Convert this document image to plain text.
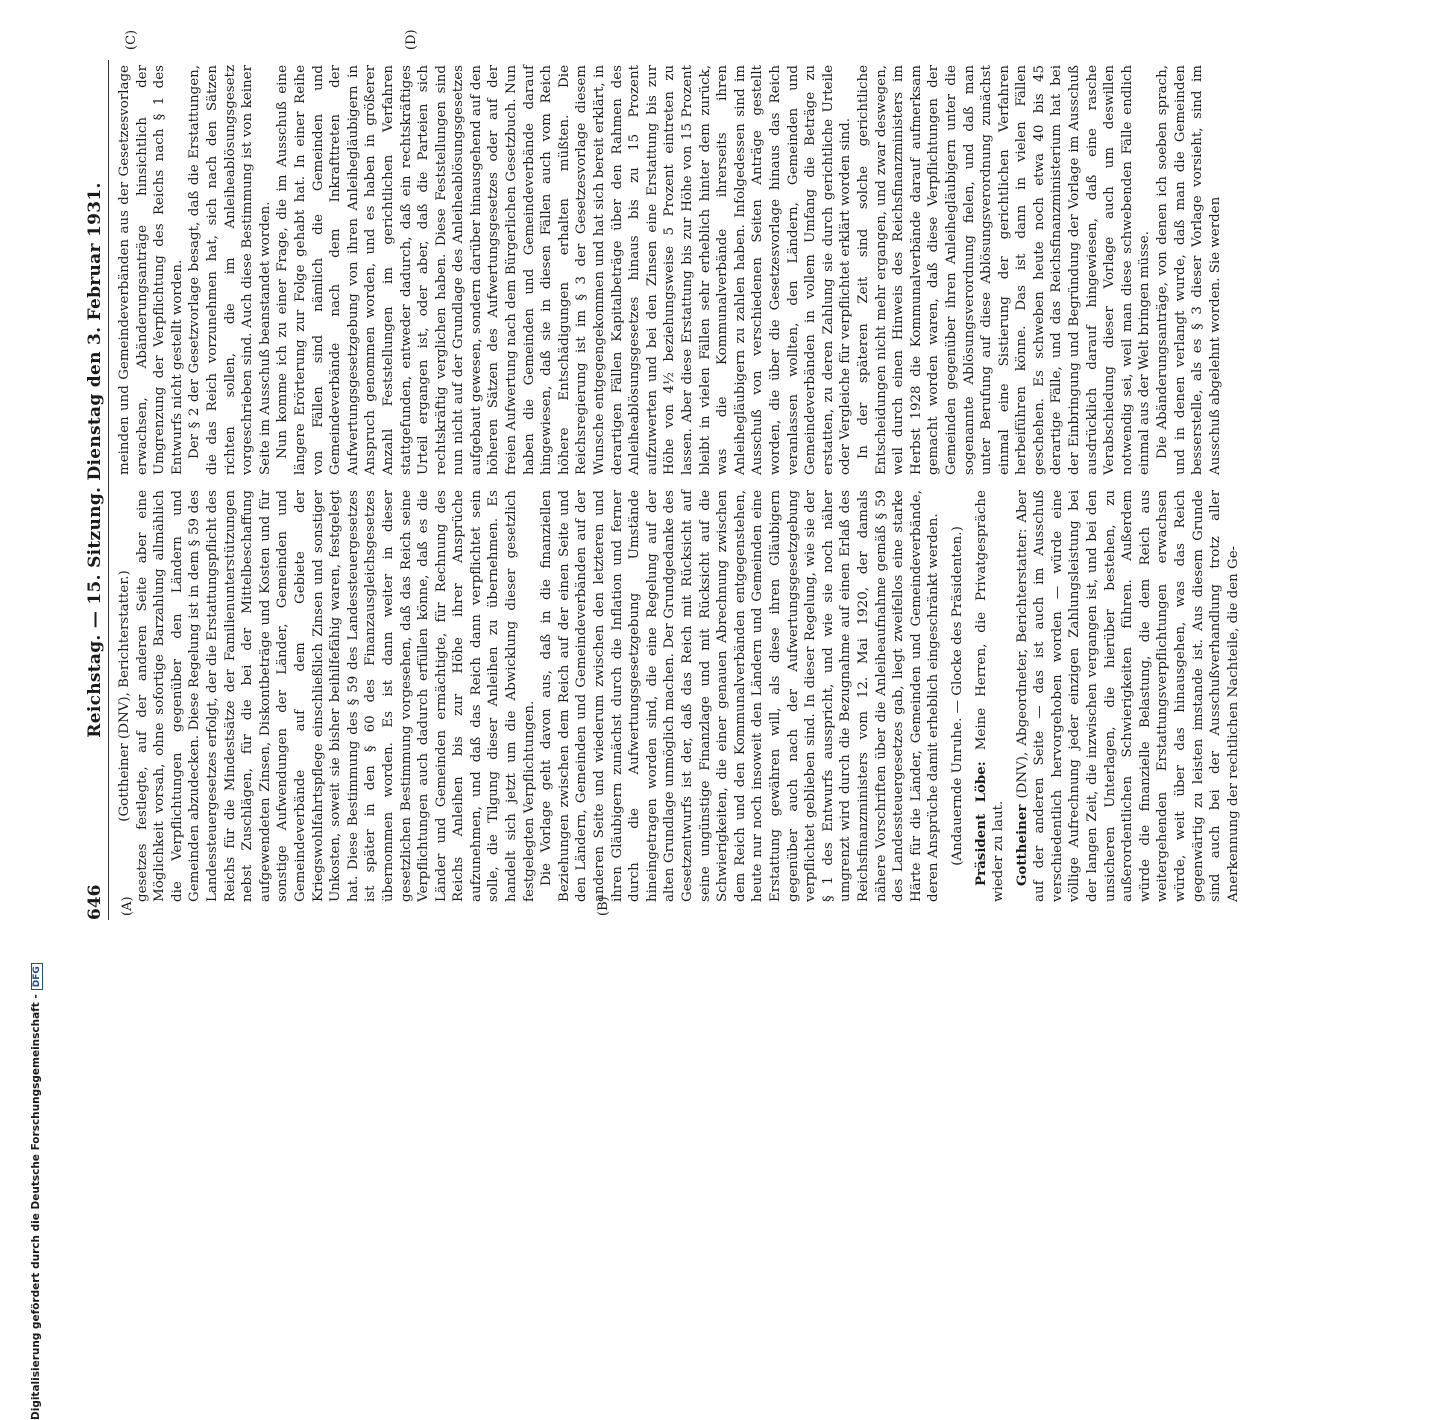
646
Reichstag. — 15. Sitzung. Dienstag den 3. Februar 1931.
(A)	(B)
(C)	(D)

(Gottheiner (DNV), Berichterstatter.) gesetzes festlegte, auf der anderen Seite aber eine Möglichkeit vorsah, ohne sofortige Barzahlung allmählich die Verpflichtungen gegenüber den Ländern und Gemeinden abzudecken. Diese Regelung ist in dem § 59 des Landessteuergesetzes erfolgt, der die Erstattungspflicht des Reichs für die Mindestsätze der Familienunterstützungen nebst Zuschlägen, für die bei der Mittelbeschaffung aufgewendeten Zinsen, Diskontbeträge und Kosten und für sonstige Aufwendungen der Länder, Gemeinden und Gemeindeverbände auf dem Gebiete der Kriegswohlfahrtspflege einschließlich Zinsen und sonstiger Unkosten, soweit sie bisher beihilfefähig waren, festgelegt hat. Diese Bestimmung des § 59 des Landessteuergesetzes ist später in den § 60 des Finanzausgleichsgesetzes übernommen worden. Es ist dann weiter in dieser gesetzlichen Bestimmung vorgesehen, daß das Reich seine Verpflichtungen auch dadurch erfüllen könne, daß es die Länder und Gemeinden ermächtigte, für Rechnung des Reichs Anleihen bis zur Höhe ihrer Ansprüche aufzunehmen, und daß das Reich dann verpflichtet sein solle, die Tilgung dieser Anleihen zu übernehmen. Es handelt sich jetzt um die Abwicklung dieser gesetzlich festgelegten Verpflichtungen. Die Vorlage geht davon aus, daß in die finanziellen Beziehungen zwischen dem Reich auf der einen Seite und den Ländern, Gemeinden und Gemeindeverbänden auf der anderen Seite und wiederum zwischen den letzteren und ihren Gläubigern zunächst durch die Inflation und ferner durch die Aufwertungsgesetzgebung Umstände hineingetragen worden sind, die eine Regelung auf der alten Grundlage unmöglich machen. Der Grundgedanke des Gesetzentwurfs ist der, daß das Reich mit Rücksicht auf seine ungünstige Finanzlage und mit Rücksicht auf die Schwierigkeiten, die einer genauen Abrechnung zwischen dem Reich und den Kommunalverbänden entgegenstehen, heute nur noch insoweit den Ländern und Gemeinden eine Erstattung gewähren will, als diese ihren Gläubigern gegenüber auch nach der Aufwertungsgesetzgebung verpflichtet geblieben sind. In dieser Regelung, wie sie der § 1 des Entwurfs ausspricht, und wie sie noch näher umgrenzt wird durch die Bezugnahme auf einen Erlaß des Reichsfinanzministers vom 12. Mai 1920, der damals nähere Vorschriften über die Anleiheaufnahme gemäß § 59 des Landessteuergesetzes gab, liegt zweifellos eine starke Härte für die Länder, Gemeinden und Gemeindeverbände, deren Ansprüche damit erheblich eingeschränkt werden. (Andauernde Unruhe. — Glocke des Präsidenten.) Präsident Löbe: Meine Herren, die Privatgespräche wieder zu laut. Gottheiner (DNV), Abgeordneter, Berichterstatter: Aber auf der anderen Seite — das ist auch im Ausschuß verschiedentlich hervorgehoben worden — würde eine völlige Aufrechnung jeder einzigen Zahlungsleistung bei der langen Zeit, die inzwischen vergangen ist, und bei den unsicheren Unterlagen, die hierüber bestehen, zu außerordentlichen Schwierigkeiten führen. Außerdem würde die finanzielle Belastung, die dem Reich aus weitergehenden Erstattungsverpflichtungen erwachsen würde, weit über das hinausgehen, was das Reich gegenwärtig zu leisten imstande ist. Aus diesem Grunde sind auch bei der Ausschußverhandlung trotz aller Anerkennung der rechtlichen Nachteile, die den Ge-

meinden und Gemeindeverbänden aus der Gesetzesvorlage erwachsen, Abänderungsanträge hinsichtlich der Umgrenzung der Verpflichtung des Reichs nach § 1 des Entwurfs nicht gestellt worden. Der § 2 der Gesetzvorlage besagt, daß die Erstattungen, die das Reich vorzunehmen hat, sich nach den Sätzen richten sollen, die im Anleiheablösungsgesetz vorgeschrieben sind. Auch diese Bestimmung ist von keiner Seite im Ausschuß beanstandet worden. Nun komme ich zu einer Frage, die im Ausschuß eine längere Erörterung zur Folge gehabt hat. In einer Reihe von Fällen sind nämlich die Gemeinden und Gemeindeverbände nach dem Inkrafttreten der Aufwertungsgesetzgebung von ihren Anleihegläubigern in Anspruch genommen worden, und es haben in größerer Anzahl Feststellungen im gerichtlichen Verfahren stattgefunden, entweder dadurch, daß ein rechtskräftiges Urteil ergangen ist, oder aber, daß die Parteien sich rechtskräftig verglichen haben. Diese Feststellungen sind nun nicht auf der Grundlage des Anleiheablösungsgesetzes aufgebaut gewesen, sondern darüber hinausgehend auf den höheren Sätzen des Aufwertungsgesetzes oder auf der freien Aufwertung nach dem Bürgerlichen Gesetzbuch. Nun haben die Gemeinden und Gemeindeverbände darauf hingewiesen, daß sie in diesen Fällen auch vom Reich höhere Entschädigungen erhalten müßten. Die Reichsregierung ist im § 3 der Gesetzesvorlage diesem Wunsche entgegengekommen und hat sich bereit erklärt, in derartigen Fällen Kapitalbeträge über den Rahmen des Anleiheablösungsgesetzes hinaus bis zu 15 Prozent aufzuwerten und bei den Zinsen eine Erstattung bis zur Höhe von 4½ beziehungsweise 5 Prozent eintreten zu lassen. Aber diese Erstattung bis zur Höhe von 15 Prozent bleibt in vielen Fällen sehr erheblich hinter dem zurück, was die Kommunalverbände ihrerseits ihren Anleihegläubigern zu zahlen haben. Infolgedessen sind im Ausschuß von verschiedenen Seiten Anträge gestellt worden, die über die Gesetzesvorlage hinaus das Reich veranlassen wollten, den Ländern, Gemeinden und Gemeindeverbänden in vollem Umfang die Beträge zu erstatten, zu deren Zahlung sie durch gerichtliche Urteile oder Vergleiche für verpflichtet erklärt worden sind. In der späteren Zeit sind solche gerichtliche Entscheidungen nicht mehr ergangen, und zwar deswegen, weil durch einen Hinweis des Reichsfinanzministers im Herbst 1928 die Kommunalverbände darauf aufmerksam gemacht worden waren, daß diese Verpflichtungen der Gemeinden gegenüber ihren Anleihegläubigern unter die sogenannte Ablösungsverordnung fielen, und daß man unter Berufung auf diese Ablösungsverordnung zunächst einmal eine Sistierung der gerichtlichen Verfahren herbeiführen könne. Das ist dann in vielen Fällen geschehen. Es schweben heute noch etwa 40 bis 45 derartige Fälle, und das Reichsfinanzministerium hat bei der Einbringung und Begründung der Vorlage im Ausschuß ausdrücklich darauf hingewiesen, daß eine rasche Verabschiedung dieser Vorlage auch um deswillen notwendig sei, weil man diese schwebenden Fälle endlich einmal aus der Welt bringen müsse. Die Abänderungsanträge, von denen ich soeben sprach, und in denen verlangt wurde, daß man die Gemeinden besserstelle, als es § 3 dieser Vorlage vorsieht, sind im Ausschuß abgelehnt worden. Sie werden

Digitalisierung gefördert durch die Deutsche Forschungsgemeinschaft -DFG
